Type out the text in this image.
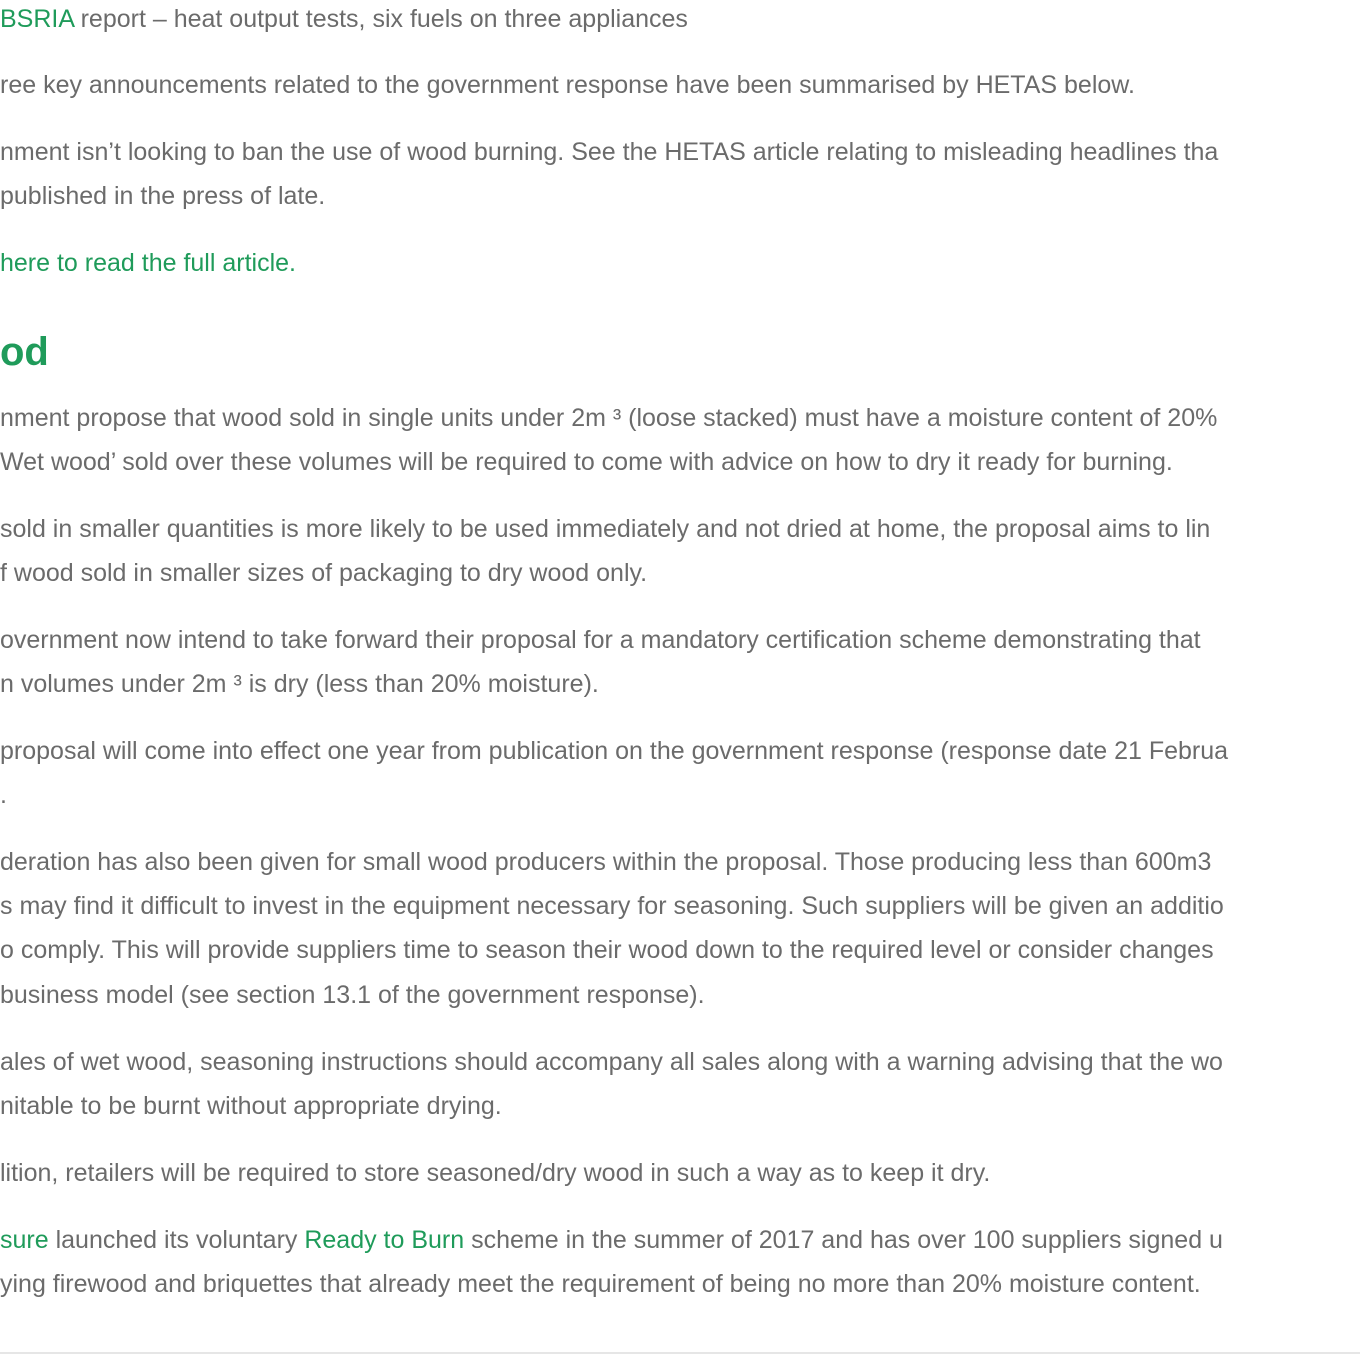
BSRIA report – heat output tests, six fuels on three appliances

ree key announcements related to the government response have been summarised by HETAS below.

nment isn’t looking to ban the use of wood burning. See the HETAS article relating to misleading headlines tha

published in the press of late.

here to read the full article.

od

nment propose that wood sold in single units under 2m ³ (loose stacked) must have a moisture content of 20%

Wet wood’ sold over these volumes will be required to come with advice on how to dry it ready for burning.

sold in smaller quantities is more likely to be used immediately and not dried at home, the proposal aims to lin

f wood sold in smaller sizes of packaging to dry wood only.

overnment now intend to take forward their proposal for a mandatory certification scheme demonstrating that

n volumes under 2m ³ is dry (less than 20% moisture).

proposal will come into effect one year from publication on the government response (response date 21 Februa

.

deration has also been given for small wood producers within the proposal. Those producing less than 600m3

s may find it difficult to invest in the equipment necessary for seasoning. Such suppliers will be given an additio

o comply. This will provide suppliers time to season their wood down to the required level or consider changes

business model (see section 13.1 of the government response).

ales of wet wood, seasoning instructions should accompany all sales along with a warning advising that the wo

nitable to be burnt without appropriate drying.

lition, retailers will be required to store seasoned/dry wood in such a way as to keep it dry.

sure launched its voluntary Ready to Burn scheme in the summer of 2017 and has over 100 suppliers signed u

ying firewood and briquettes that already meet the requirement of being no more than 20% moisture content.
